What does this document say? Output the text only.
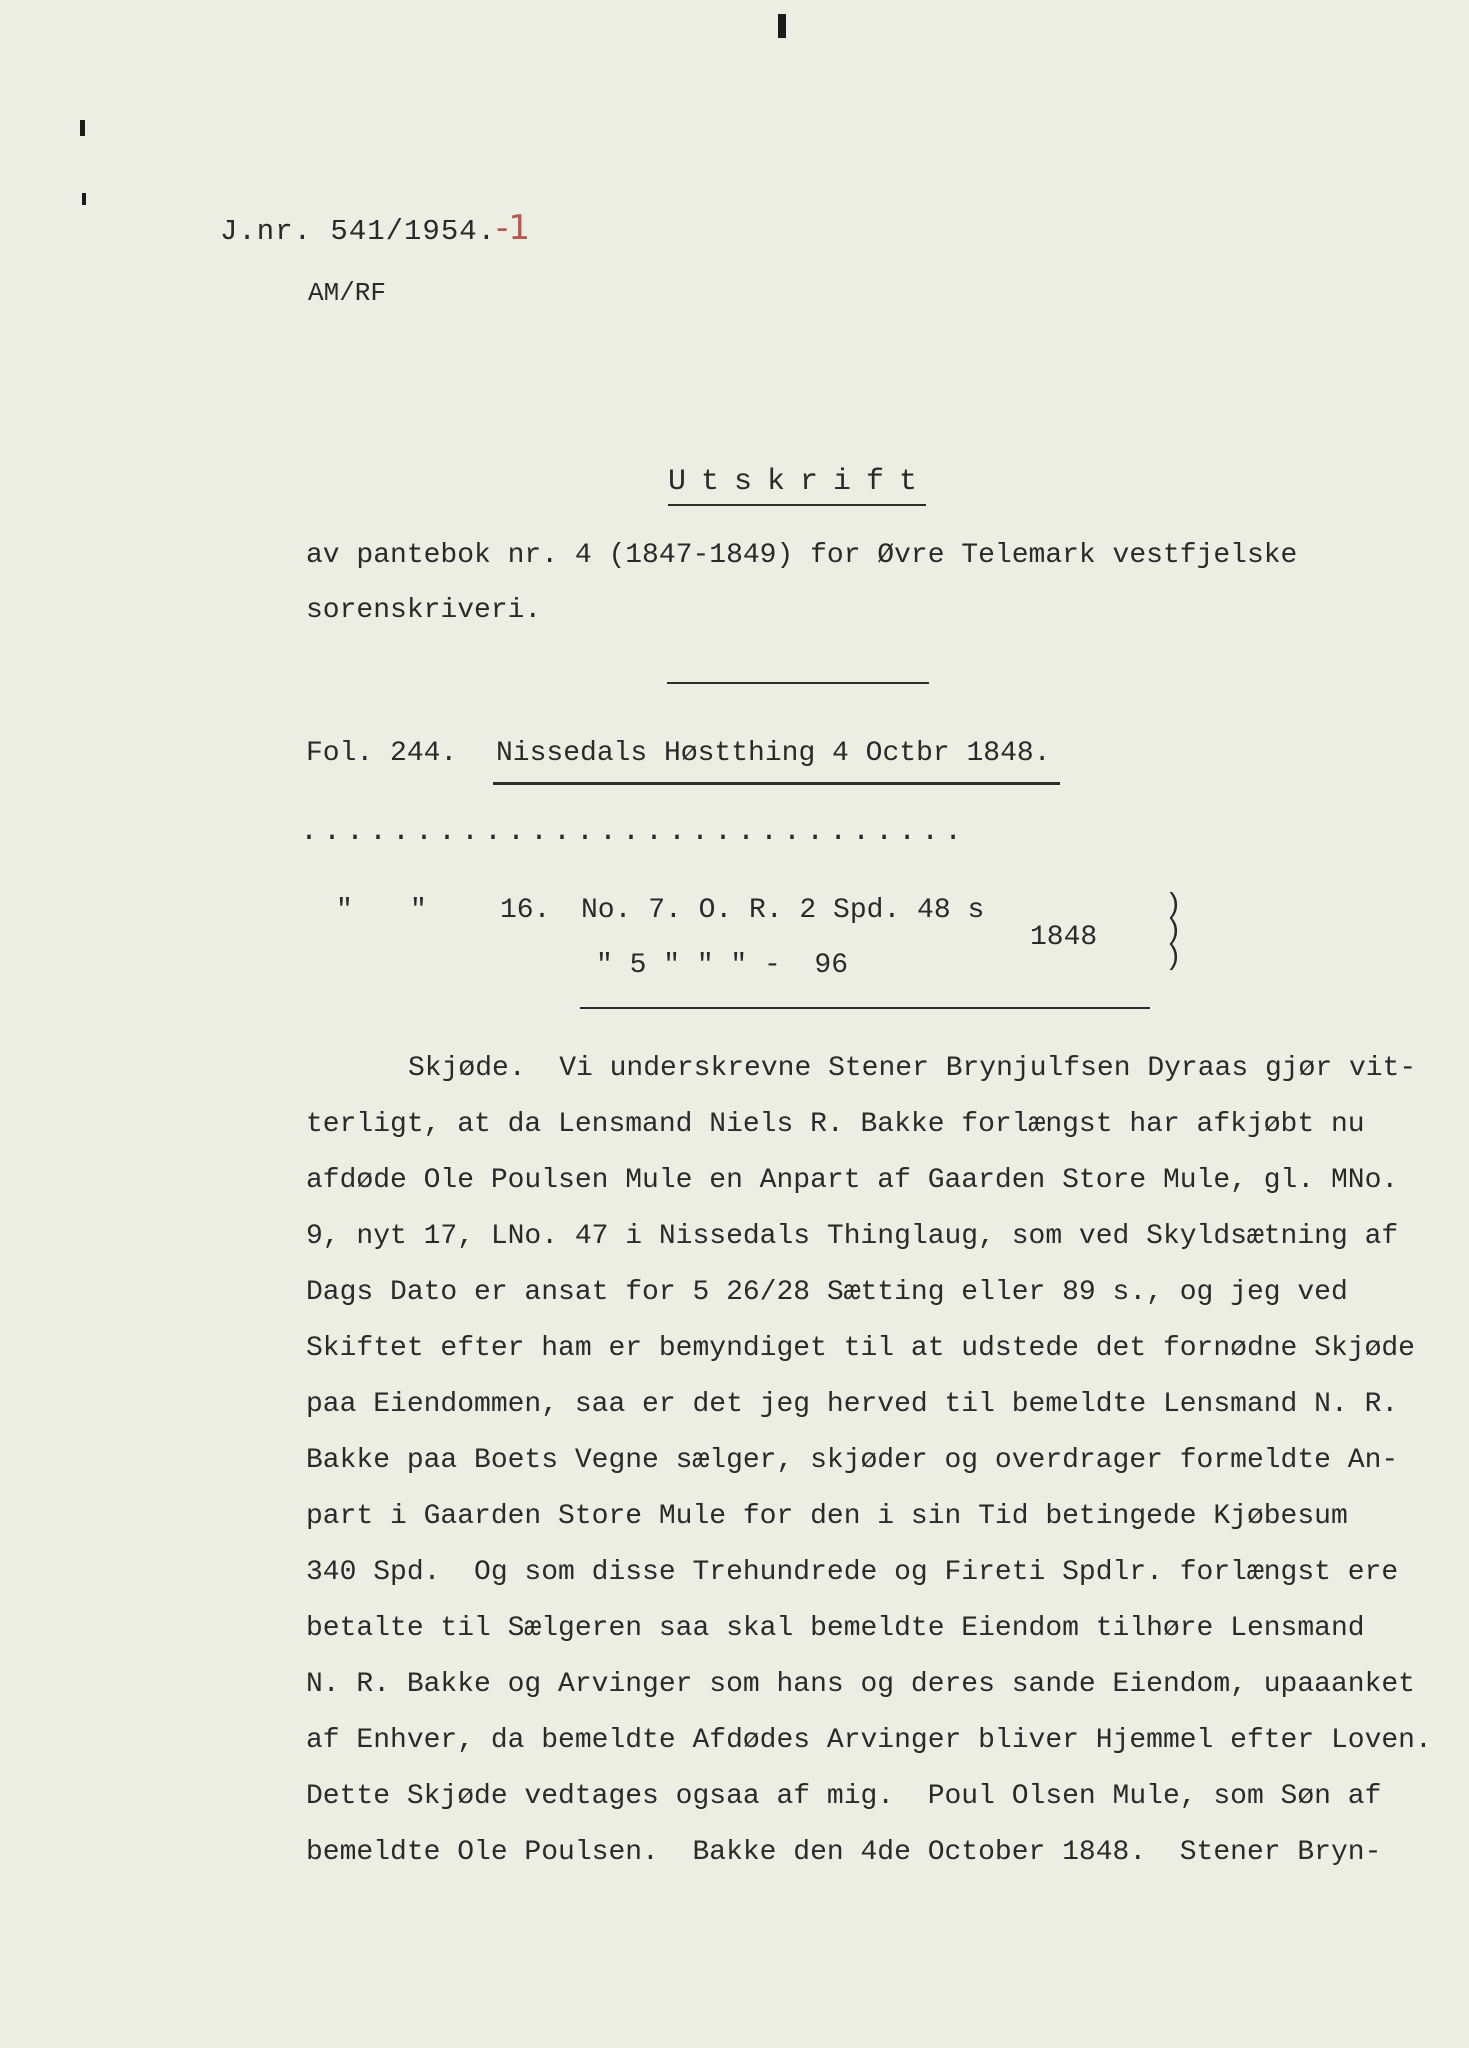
J.nr. 541/1954.-1
AM/RF
Utskrift
av pantebok nr. 4 (1847-1849) for Øvre Telemark vestfjelske
sorenskriveri.
Fol. 244. Nissedals Høstthing 4 Octbr 1848.
.............................
" "	16. No. 7. O. R. 2 Spd. 48 s
" 5 " " " -  96
1848
)
)
)
Skjøde.  Vi underskrevne Stener Brynjulfsen Dyraas gjør vit-
terligt, at da Lensmand Niels R. Bakke forlængst har afkjøbt nu
afdøde Ole Poulsen Mule en Anpart af Gaarden Store Mule, gl. MNo.
9, nyt 17, LNo. 47 i Nissedals Thinglaug, som ved Skyldsætning af
Dags Dato er ansat for 5 26/28 Sætting eller 89 s., og jeg ved
Skiftet efter ham er bemyndiget til at udstede det fornødne Skjøde
paa Eiendommen, saa er det jeg herved til bemeldte Lensmand N. R.
Bakke paa Boets Vegne sælger, skjøder og overdrager formeldte An-
part i Gaarden Store Mule for den i sin Tid betingede Kjøbesum
340 Spd.  Og som disse Trehundrede og Fireti Spdlr. forlængst ere
betalte til Sælgeren saa skal bemeldte Eiendom tilhøre Lensmand
N. R. Bakke og Arvinger som hans og deres sande Eiendom, upaaanket
af Enhver, da bemeldte Afdødes Arvinger bliver Hjemmel efter Loven.
Dette Skjøde vedtages ogsaa af mig.  Poul Olsen Mule, som Søn af
bemeldte Ole Poulsen.  Bakke den 4de October 1848.  Stener Bryn-
